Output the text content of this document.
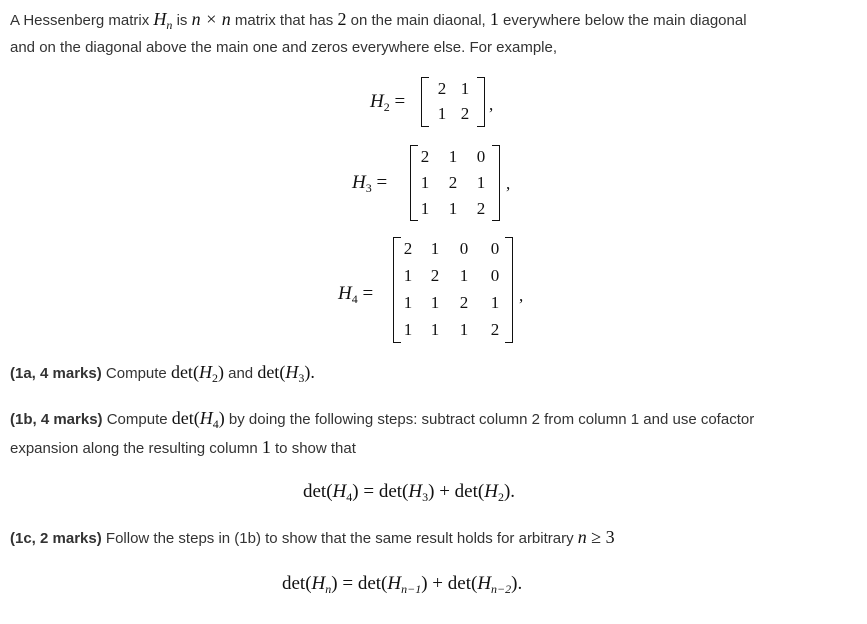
A Hessenberg matrix $H_n$ is n × n matrix that has 2 on the main diaonal, 1 everywhere below the main diagonal
and on the diagonal above the main one and zeros everywhere else. For example,
$H_2$ =
2 1
1 2 ,
$H_3$ =
2 1 0
1 2 1
1 1 2
,
$H_4$ =
2 1 0 0
1 2 1 0
1 1 2 1
1 1 1 2
,
(1a, 4 marks) Compute $\det(H_2)$ and $\det(H_3)$.
(1b, 4 marks) Compute $\det(H_4)$ by doing the following steps: subtract column 2 from column 1 and use cofactor
expansion along the resulting column 1 to show that
$\det(H_4) = \det(H_3) + \det(H_2)$.
(1c, 2 marks) Follow the steps in (1b) to show that the same result holds for arbitrary n ≥ 3
$\det(H_n) = \det(H_{n-1}) + \det(H_{n-2})$.
